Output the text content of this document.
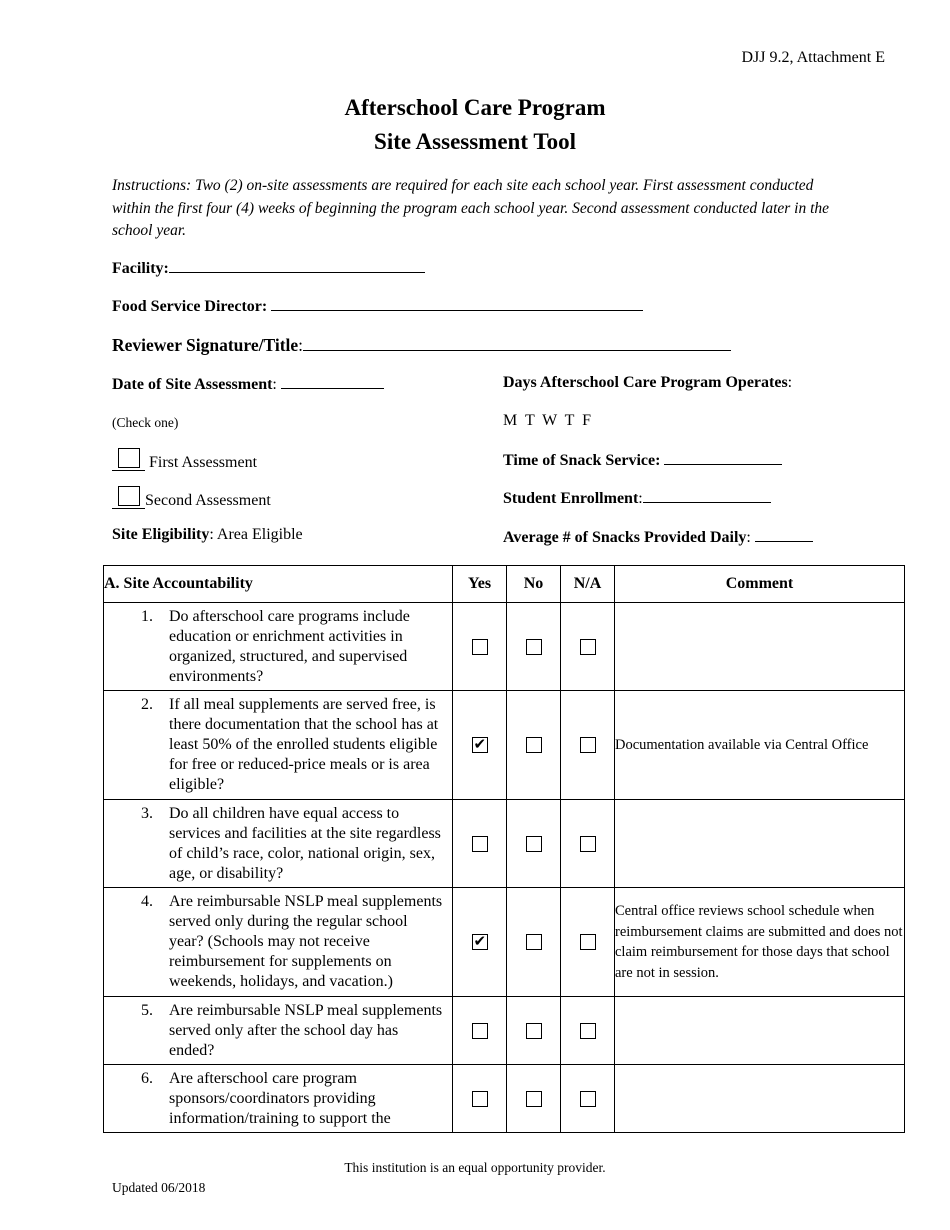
DJJ 9.2, Attachment E
Afterschool Care Program
Site Assessment Tool
Instructions: Two (2) on-site assessments are required for each site each school year. First assessment conducted within the first four (4) weeks of beginning the program each school year. Second assessment conducted later in the school year.
Facility:
Food Service Director:
Reviewer Signature/Title:
Date of Site Assessment:
(Check one)
First Assessment
Second Assessment
Site Eligibility: Area Eligible
Days Afterschool Care Program Operates:
M  T  W  T  F
Time of Snack Service:
Student Enrollment:
Average # of Snacks Provided Daily:
A. Site Accountability	Yes	No	N/A	Comment

1. Do afterschool care programs include education or enrichment activities in organized, structured, and supervised environments?				

2. If all meal supplements are served free, is there documentation that the school has at least 50% of the enrolled students eligible for free or reduced-price meals or is area eligible?	✔			Documentation available via Central Office

3. Do all children have equal access to services and facilities at the site regardless of child’s race, color, national origin, sex, age, or disability?				

4. Are reimbursable NSLP meal supplements served only during the regular school year? (Schools may not receive reimbursement for supplements on weekends, holidays, and vacation.)	✔			Central office reviews school schedule when reimbursement claims are submitted and does not claim reimbursement for those days that school are not in session.

5. Are reimbursable NSLP meal supplements served only after the school day has ended?				

6. Are afterschool care program sponsors/coordinators providing information/training to support the				

This institution is an equal opportunity provider.
Updated 06/2018
